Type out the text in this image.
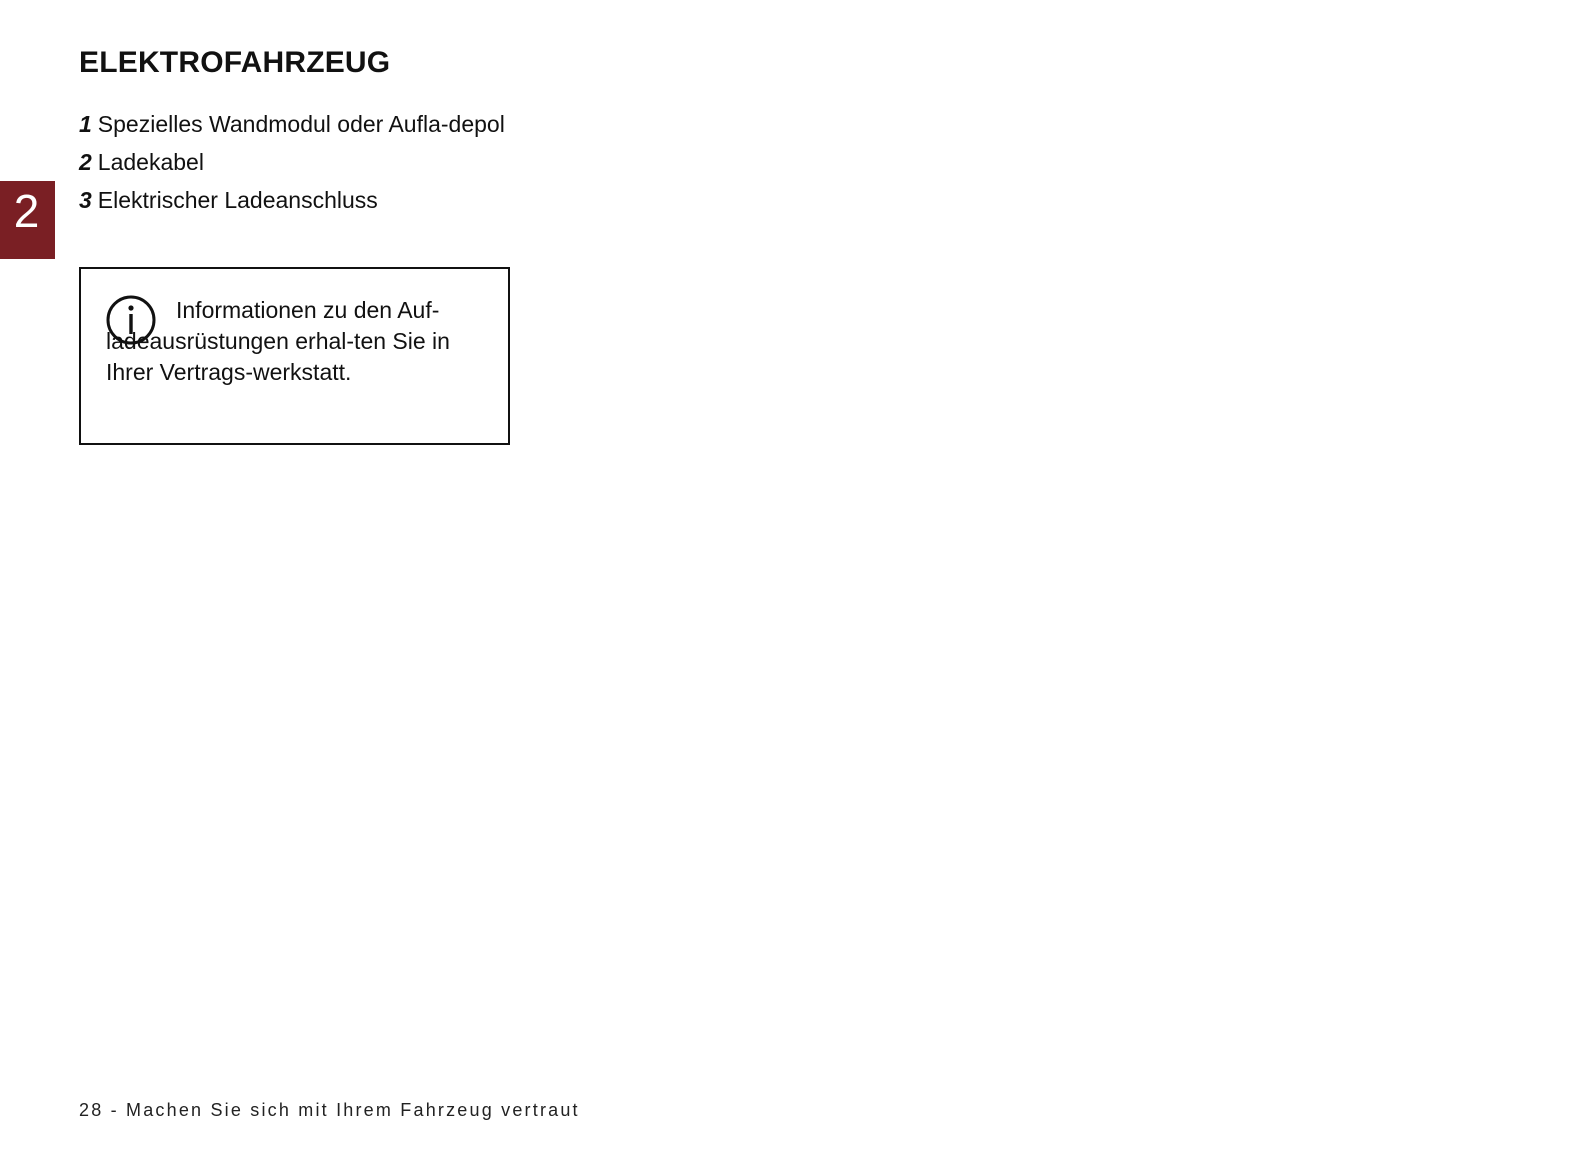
2
ELEKTROFAHRZEUG
1 Spezielles Wandmodul oder Aufla-depol
2 Ladekabel
3 Elektrischer Ladeanschluss

Informationen zu den Auf-ladeausrüstungen erhal-ten Sie in Ihrer Vertrags-werkstatt.

28 - Machen Sie sich mit Ihrem Fahrzeug vertraut
